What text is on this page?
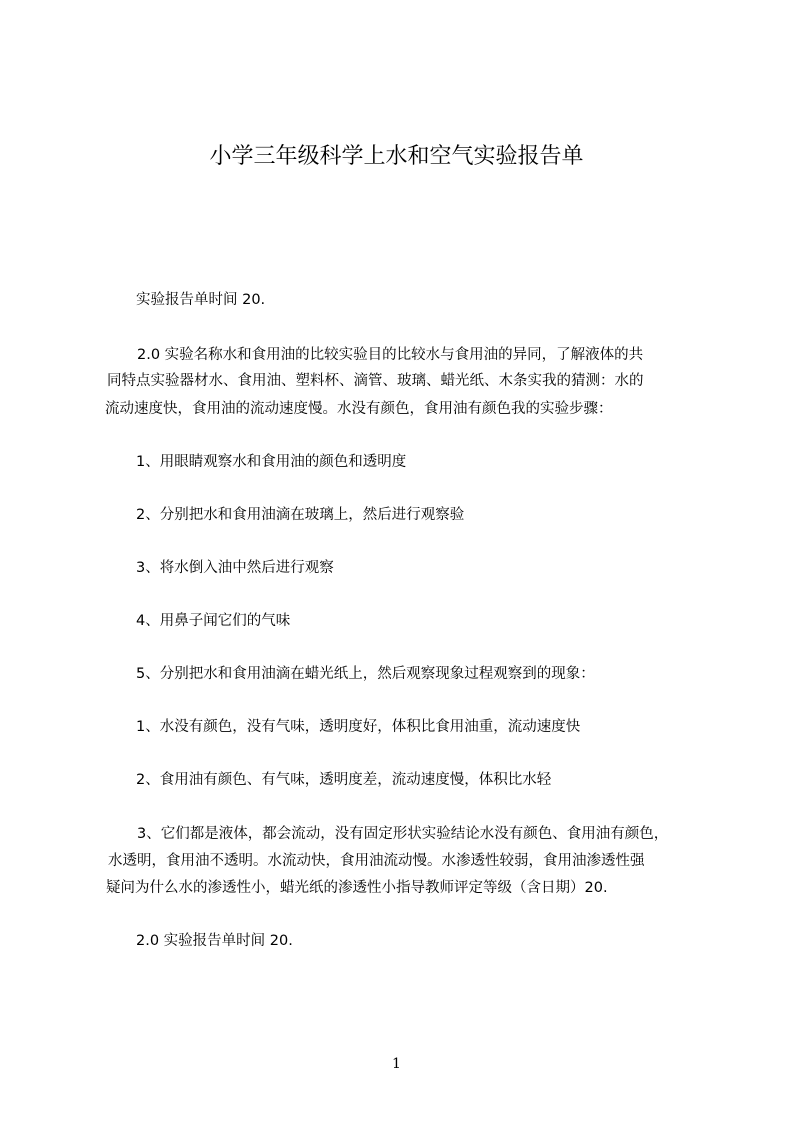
小学三年级科学上水和空气实验报告单
实验报告单时间 20.
2.0 实验名称水和食用油的比较实验目的比较水与食用油的异同，了解液体的共
同特点实验器材水、食用油、塑料杯、滴管、玻璃、蜡光纸、木条实我的猜测：水的
流动速度快，食用油的流动速度慢。水没有颜色，食用油有颜色我的实验步骤：
1、用眼睛观察水和食用油的颜色和透明度
2、分别把水和食用油滴在玻璃上，然后进行观察验
3、将水倒入油中然后进行观察
4、用鼻子闻它们的气味
5、分别把水和食用油滴在蜡光纸上，然后观察现象过程观察到的现象：
1、水没有颜色，没有气味，透明度好，体积比食用油重，流动速度快
2、食用油有颜色、有气味，透明度差，流动速度慢，体积比水轻
3、它们都是液体，都会流动，没有固定形状实验结论水没有颜色、食用油有颜色，
水透明，食用油不透明。水流动快，食用油流动慢。水渗透性较弱，食用油渗透性强
疑问为什么水的渗透性小，蜡光纸的渗透性小指导教师评定等级（含日期）20.
2.0 实验报告单时间 20.
1
